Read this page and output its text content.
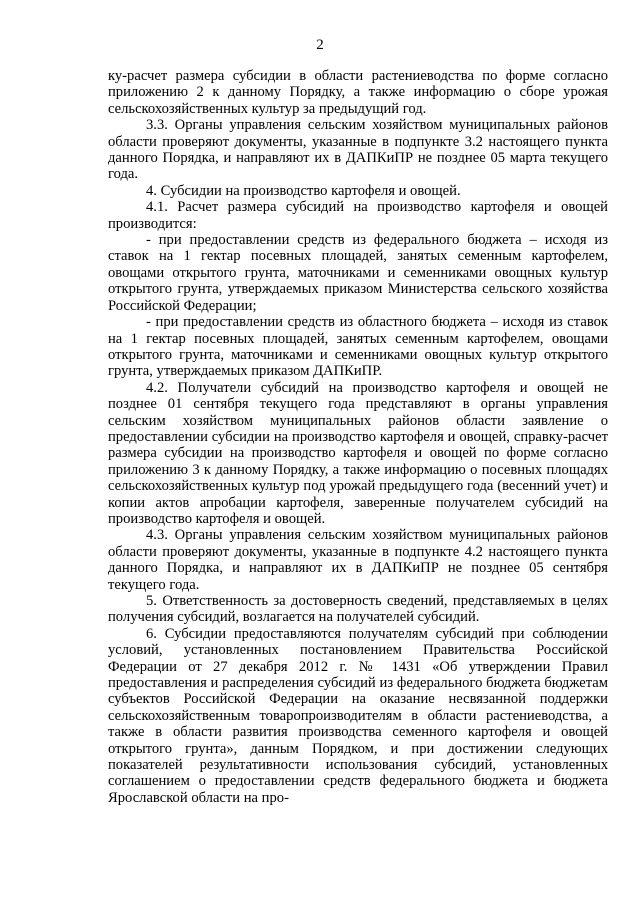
2

ку-расчет размера субсидии в области растениеводства по форме согласно приложению 2 к данному Порядку, а также информацию о сборе урожая сельскохозяйственных культур за предыдущий год.

3.3. Органы управления сельским хозяйством муниципальных районов области проверяют документы, указанные в подпункте 3.2 настоящего пункта данного Порядка, и направляют их в ДАПКиПР не позднее 05 марта текущего года.

4. Субсидии на производство картофеля и овощей.

4.1. Расчет размера субсидий на производство картофеля и овощей производится:

- при предоставлении средств из федерального бюджета – исходя из ставок на 1 гектар посевных площадей, занятых семенным картофелем, овощами открытого грунта, маточниками и семенниками овощных культур открытого грунта, утверждаемых приказом Министерства сельского хозяйства Российской Федерации;

- при предоставлении средств из областного бюджета – исходя из ставок на 1 гектар посевных площадей, занятых семенным картофелем, овощами открытого грунта, маточниками и семенниками овощных культур открытого грунта, утверждаемых приказом ДАПКиПР.

4.2. Получатели субсидий на производство картофеля и овощей не позднее 01 сентября текущего года представляют в органы управления сельским хозяйством муниципальных районов области заявление о предоставлении субсидии на производство картофеля и овощей, справку-расчет размера субсидии на производство картофеля и овощей по форме согласно приложению 3 к данному Порядку, а также информацию о посевных площадях сельскохозяйственных культур под урожай предыдущего года (весенний учет) и копии актов апробации картофеля, заверенные получателем субсидий на производство картофеля и овощей.

4.3. Органы управления сельским хозяйством муниципальных районов области проверяют документы, указанные в подпункте 4.2 настоящего пункта данного Порядка, и направляют их в ДАПКиПР не позднее 05 сентября текущего года.

5. Ответственность за достоверность сведений, представляемых в целях получения субсидий, возлагается на получателей субсидий.

6. Субсидии предоставляются получателям субсидий при соблюдении условий, установленных постановлением Правительства Российской Федерации от 27 декабря 2012 г. № 1431 «Об утверждении Правил предоставления и распределения субсидий из федерального бюджета бюджетам субъектов Российской Федерации на оказание несвязанной поддержки сельскохозяйственным товаропроизводителям в области растениеводства, а также в области развития производства семенного картофеля и овощей открытого грунта», данным Порядком, и при достижении следующих показателей результативности использования субсидий, установленных соглашением о предоставлении средств федерального бюджета и бюджета Ярославской области на про-
